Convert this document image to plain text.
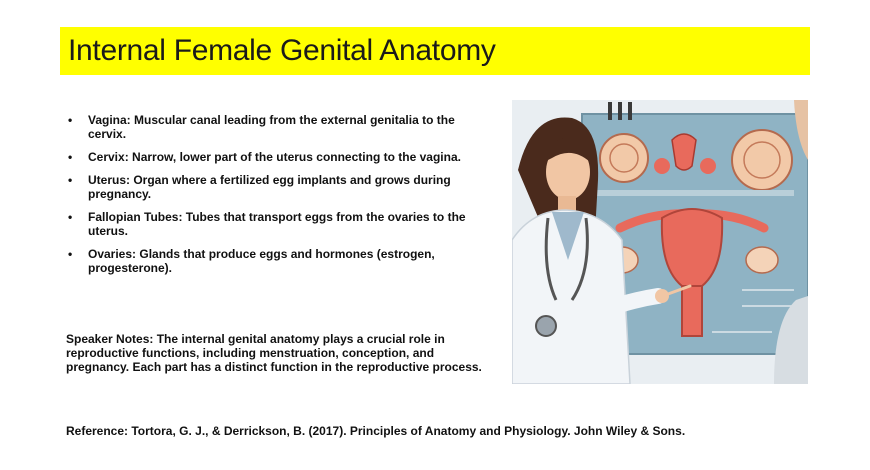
Internal Female Genital Anatomy
• Vagina: Muscular canal leading from the external genitalia to the cervix.
• Cervix: Narrow, lower part of the uterus connecting to the vagina.
• Uterus: Organ where a fertilized egg implants and grows during pregnancy.
• Fallopian Tubes: Tubes that transport eggs from the ovaries to the uterus.
• Ovaries: Glands that produce eggs and hormones (estrogen, progesterone).
Speaker Notes: The internal genital anatomy plays a crucial role in reproductive functions, including menstruation, conception, and pregnancy. Each part has a distinct function in the reproductive process.
Reference: Tortora, G. J., & Derrickson, B. (2017). Principles of Anatomy and Physiology. John Wiley & Sons.
